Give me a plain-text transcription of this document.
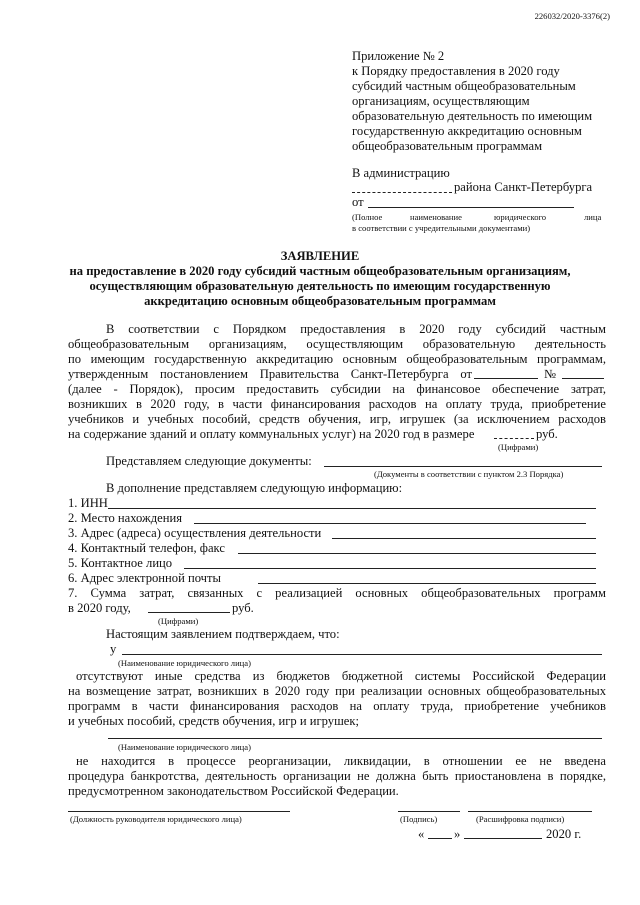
226032/2020-3376(2)
Приложение № 2
к Порядку предоставления в 2020 году
субсидий частным общеобразовательным
организациям, осуществляющим
образовательную деятельность по имеющим
государственную аккредитацию основным
общеобразовательным программам
В администрацию
района Санкт-Петербурга
от
(Полное	наименование	юридического	лица
в соответствии с учредительными документами)
ЗАЯВЛЕНИЕ
на предоставление в 2020 году субсидий частным общеобразовательным организациям,
осуществляющим образовательную деятельность по имеющим государственную
аккредитацию основным общеобразовательным программам
В соответствии с Порядком предоставления в 2020 году субсидий частным
общеобразовательным организациям, осуществляющим образовательную деятельность
по имеющим государственную аккредитацию основным общеобразовательным программам,
утвержденным постановлением Правительства Санкт-Петербурга от	№
(далее - Порядок), просим предоставить субсидии на финансовое обеспечение затрат,
возникших в 2020 году, в части финансирования расходов на оплату труда, приобретение
учебников и учебных пособий, средств обучения, игр, игрушек (за исключением расходов
на содержание зданий и оплату коммунальных услуг) на 2020 год в размере	руб.
(Цифрами)
Представляем следующие документы:
(Документы в соответствии с пунктом 2.3 Порядка)
В дополнение представляем следующую информацию:
1. ИНН
2. Место нахождения
3. Адрес (адреса) осуществления деятельности
4. Контактный телефон, факс
5. Контактное лицо
6. Адрес электронной почты
7. Сумма затрат, связанных с реализацией основных общеобразовательных программ
в 2020 году,	руб.
(Цифрами)
Настоящим заявлением подтверждаем, что:
у
(Наименование юридического лица)
отсутствуют иные средства из бюджетов бюджетной системы Российской Федерации
на возмещение затрат, возникших в 2020 году при реализации основных общеобразовательных
программ в части финансирования расходов на оплату труда, приобретение учебников
и учебных пособий, средств обучения, игр и игрушек;
(Наименование юридического лица)
не находится в процессе реорганизации, ликвидации, в отношении ее не введена
процедура банкротства, деятельность организации не должна быть приостановлена в порядке,
предусмотренном законодательством Российской Федерации.
(Должность руководителя юридического лица)	(Подпись)	(Расшифровка подписи)
« »	2020 г.
